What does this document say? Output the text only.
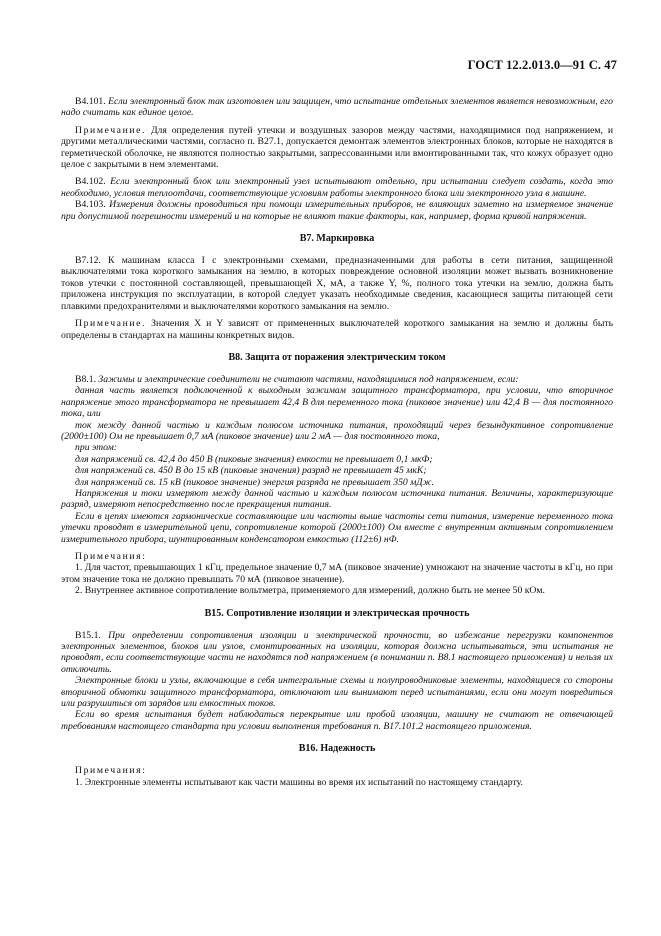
ГОСТ 12.2.013.0—91 С. 47

В4.101. Если электронный блок так изготовлен или защищен, что испытание отдельных элементов является невозможным, его надо считать как единое целое.

Примечание. Для определения путей утечки и воздушных зазоров между частями, находящимися под напряжением, и другими металлическими частями, согласно п. В27.1, допускается демонтаж элементов электронных блоков, которые не находятся в герметической оболочке, не являются полностью закрытыми, запрессованными или вмонтированными так, что кожух образует одно целое с закрытыми в нем элементами.

В4.102. Если электронный блок или электронный узел испытывают отдельно, при испытании следует создать, когда это необходимо, условия теплоотдачи, соответствующие условиям работы электронного блока или электронного узла в машине.

В4.103. Измерения должны проводиться при помощи измерительных приборов, не влияющих заметно на измеряемое значение при допустимой погрешности измерений и на которые не влияют такие факторы, как, например, форма кривой напряжения.

В7. Маркировка

В7.12. К машинам класса I с электронными схемами, предназначенными для работы в сети питания, защищенной выключателями тока короткого замыкания на землю, в которых повреждение основной изоляции может вызвать возникновение токов утечки с постоянной составляющей, превышающей X, мА, а также Y, %, полного тока утечки на землю, должна быть приложена инструкция по эксплуатации, в которой следует указать необходимые сведения, касающиеся защиты питающей сети плавкими предохранителями и выключателями короткого замыкания на землю.

Примечание. Значения X и Y зависят от примененных выключателей короткого замыкания на землю и должны быть определены в стандартах на машины конкретных видов.

В8. Защита от поражения электрическим током

В8.1. Зажимы и электрические соединители не считают частями, находящимися под напряжением, если:

данная часть является подключенной к выходным зажимам защитного трансформатора, при условии, что вторичное напряжение этого трансформатора не превышает 42,4 В для переменного тока (пиковое значение) или 42,4 В — для постоянного тока, или

ток между данной частью и каждым полюсом источника питания, проходящий через безындуктивное сопротивление (2000±100) Ом не превышает 0,7 мА (пиковое значение) или 2 мА — для постоянного тока,

при этом:

для напряжений св. 42,4 до 450 В (пиковые значения) емкости не превышает 0,1 мкФ;

для напряжений св. 450 В до 15 кВ (пиковые значения) разряд не превышает 45 мкК;

для напряжений св. 15 кВ (пиковое значение) энергия разряда не превышает 350 мДж.

Напряжения и токи измеряют между данной частью и каждым полюсом источника питания. Величины, характеризующие разряд, измеряют непосредственно после прекращения питания.

Если в цепях имеются гармонические составляющие или частоты выше частоты сети питания, измерение переменного тока утечки проводят в измерительной цепи, сопротивление которой (2000±100) Ом вместе с внутренним активным сопротивлением измерительного прибора, шунтированным конденсатором емкостью (112±6) нФ.

Примечания:

1. Для частот, превышающих 1 кГц, предельное значение 0,7 мА (пиковое значение) умножают на значение частоты в кГц, но при этом значение тока не должно превышать 70 мА (пиковое значение).

2. Внутреннее активное сопротивление вольтметра, применяемого для измерений, должно быть не менее 50 кОм.

В15. Сопротивление изоляции и электрическая прочность

В15.1. При определении сопротивления изоляции и электрической прочности, во избежание перегрузки компонентов электронных элементов, блоков или узлов, смонтированных на изоляции, которая должна испытываться, эти испытания не проводят, если соответствующие части не находятся под напряжением (в понимании п. В8.1 настоящего приложения) и нельзя их отключить.

Электронные блоки и узлы, включающие в себя интегральные схемы и полупроводниковые элементы, находящиеся со стороны вторичной обмотки защитного трансформатора, отключают или вынимают перед испытаниями, если они могут повредиться или разрушиться от зарядов или емкостных токов.

Если во время испытания будет наблюдаться перекрытие или пробой изоляции, машину не считают не отвечающей требованиям настоящего стандарта при условии выполнения требования п. В17.101.2 настоящего приложения.

В16. Надежность

Примечания:

1. Электронные элементы испытывают как части машины во время их испытаний по настоящему стандарту.
